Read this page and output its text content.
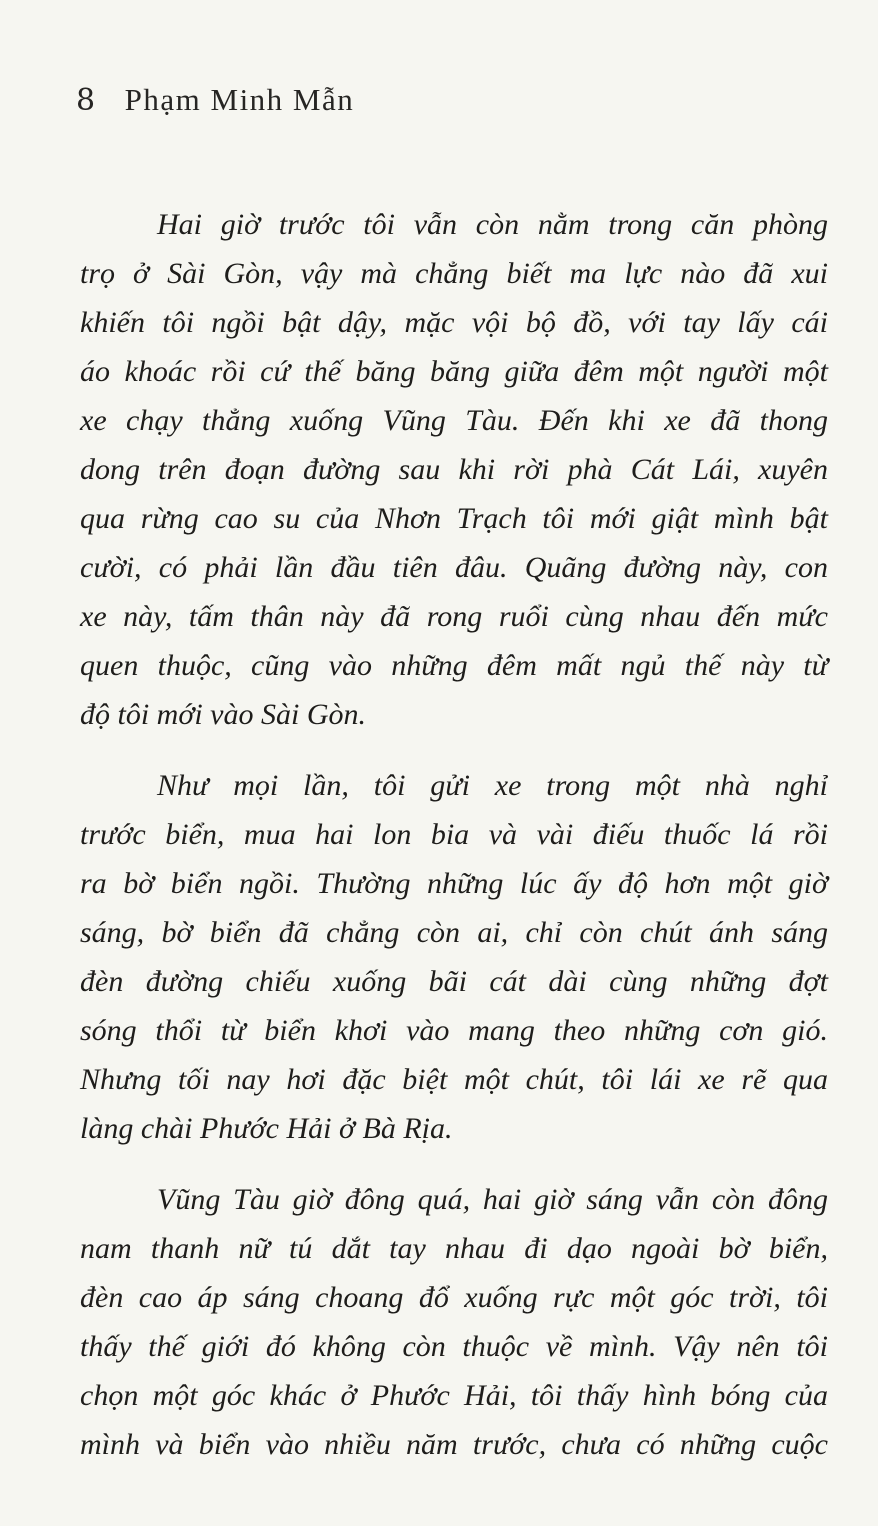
8 Phạm Minh Mẫn

Hai giờ trước tôi vẫn còn nằm trong căn phòng
trọ ở Sài Gòn, vậy mà chẳng biết ma lực nào đã xui
khiến tôi ngồi bật dậy, mặc vội bộ đồ, với tay lấy cái
áo khoác rồi cứ thế băng băng giữa đêm một người một
xe chạy thẳng xuống Vũng Tàu. Đến khi xe đã thong
dong trên đoạn đường sau khi rời phà Cát Lái, xuyên
qua rừng cao su của Nhơn Trạch tôi mới giật mình bật
cười, có phải lần đầu tiên đâu. Quãng đường này, con
xe này, tấm thân này đã rong ruổi cùng nhau đến mức
quen thuộc, cũng vào những đêm mất ngủ thế này từ
độ tôi mới vào Sài Gòn.

Như mọi lần, tôi gửi xe trong một nhà nghỉ
trước biển, mua hai lon bia và vài điếu thuốc lá rồi
ra bờ biển ngồi. Thường những lúc ấy độ hơn một giờ
sáng, bờ biển đã chẳng còn ai, chỉ còn chút ánh sáng
đèn đường chiếu xuống bãi cát dài cùng những đợt
sóng thổi từ biển khơi vào mang theo những cơn gió.
Nhưng tối nay hơi đặc biệt một chút, tôi lái xe rẽ qua
làng chài Phước Hải ở Bà Rịa.

Vũng Tàu giờ đông quá, hai giờ sáng vẫn còn đông
nam thanh nữ tú dắt tay nhau đi dạo ngoài bờ biển,
đèn cao áp sáng choang đổ xuống rực một góc trời, tôi
thấy thế giới đó không còn thuộc về mình. Vậy nên tôi
chọn một góc khác ở Phước Hải, tôi thấy hình bóng của
mình và biển vào nhiều năm trước, chưa có những cuộc
